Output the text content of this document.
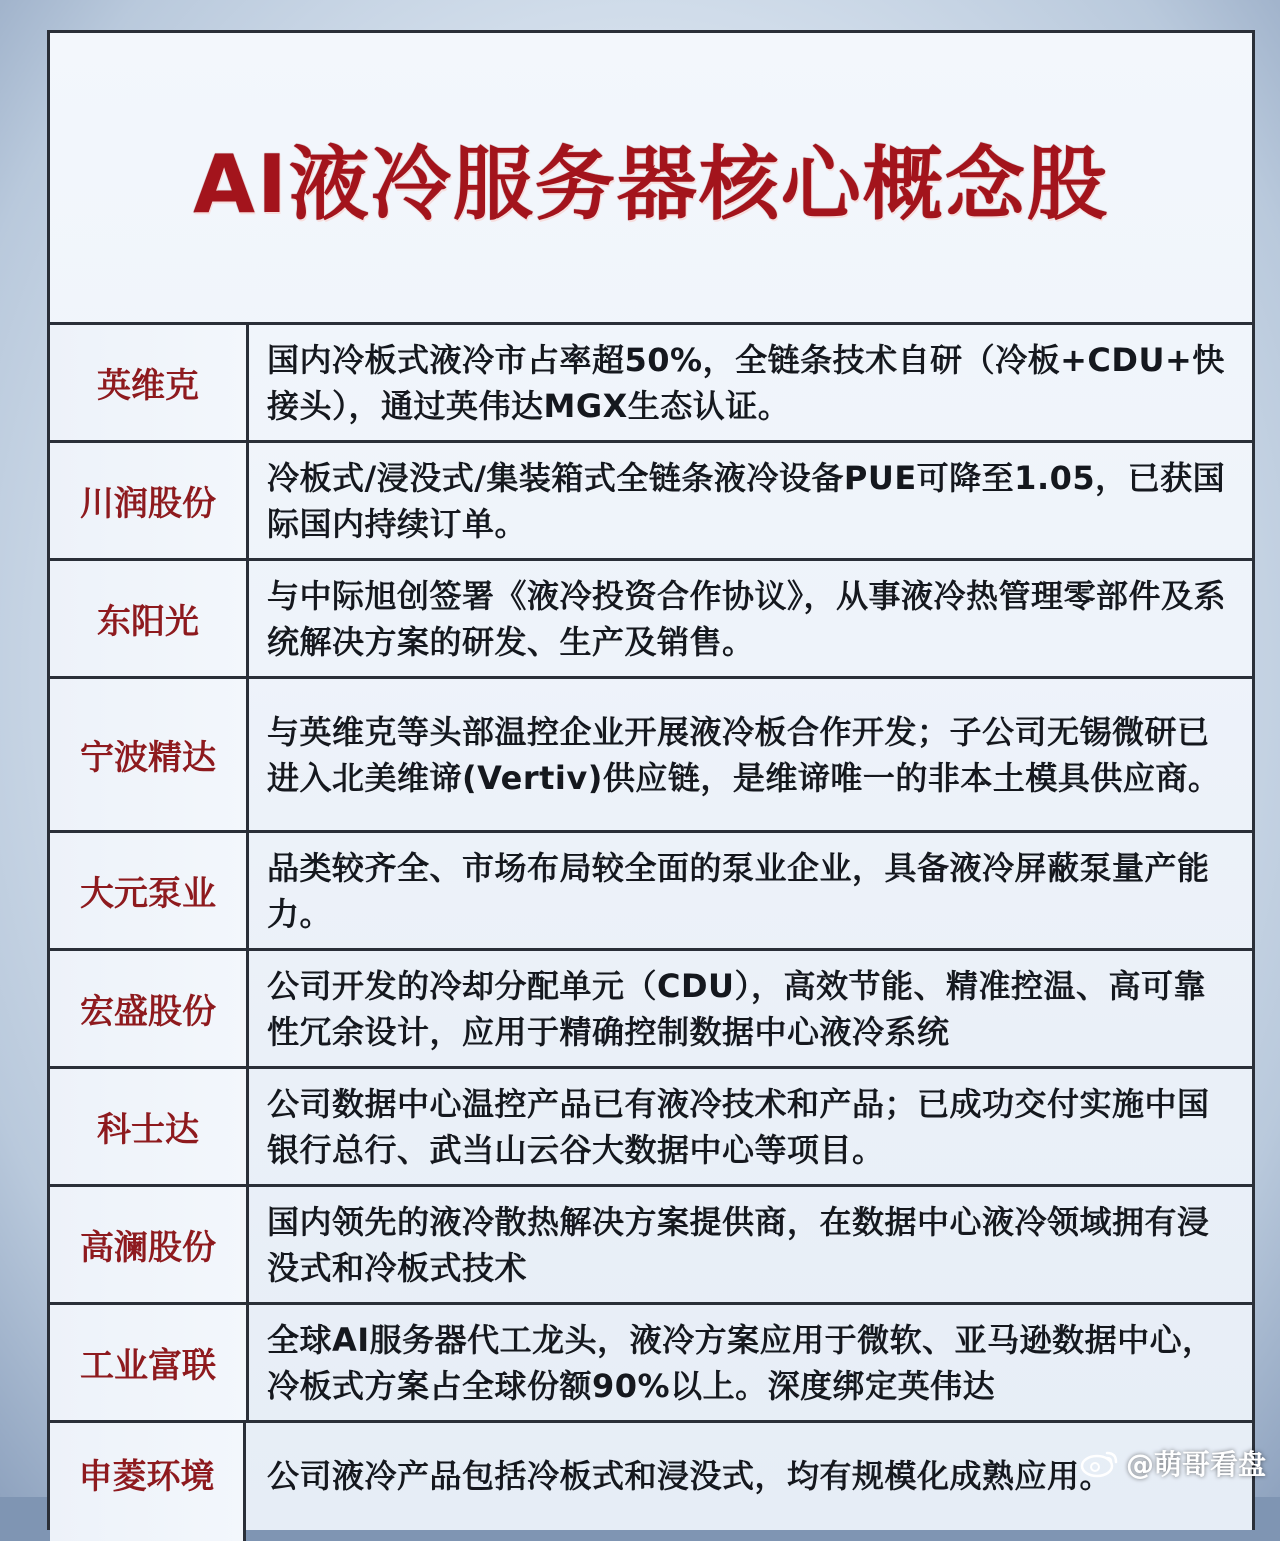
AI液冷服务器核心概念股
英维克
国内冷板式液冷市占率超50%，全链条技术自研（冷板+CDU+快接头），通过英伟达MGX生态认证。
川润股份
冷板式/浸没式/集装箱式全链条液冷设备PUE可降至1.05，已获国际国内持续订单。
东阳光
与中际旭创签署《液冷投资合作协议》，从事液冷热管理零部件及系统解决方案的研发、生产及销售。
宁波精达
与英维克等头部温控企业开展液冷板合作开发；子公司无锡微研已进入北美维谛(Vertiv)供应链，是维谛唯一的非本土模具供应商。
大元泵业
品类较齐全、市场布局较全面的泵业企业，具备液冷屏蔽泵量产能力。
宏盛股份
公司开发的冷却分配单元（CDU），高效节能、精准控温、高可靠性冗余设计，应用于精确控制数据中心液冷系统
科士达
公司数据中心温控产品已有液冷技术和产品；已成功交付实施中国银行总行、武当山云谷大数据中心等项目。
高澜股份
国内领先的液冷散热解决方案提供商，在数据中心液冷领域拥有浸没式和冷板式技术
工业富联
全球AI服务器代工龙头，液冷方案应用于微软、亚马逊数据中心，冷板式方案占全球份额90%以上。深度绑定英伟达
申菱环境	公司液冷产品包括冷板式和浸没式，均有规模化成熟应用。 @萌哥看盘
